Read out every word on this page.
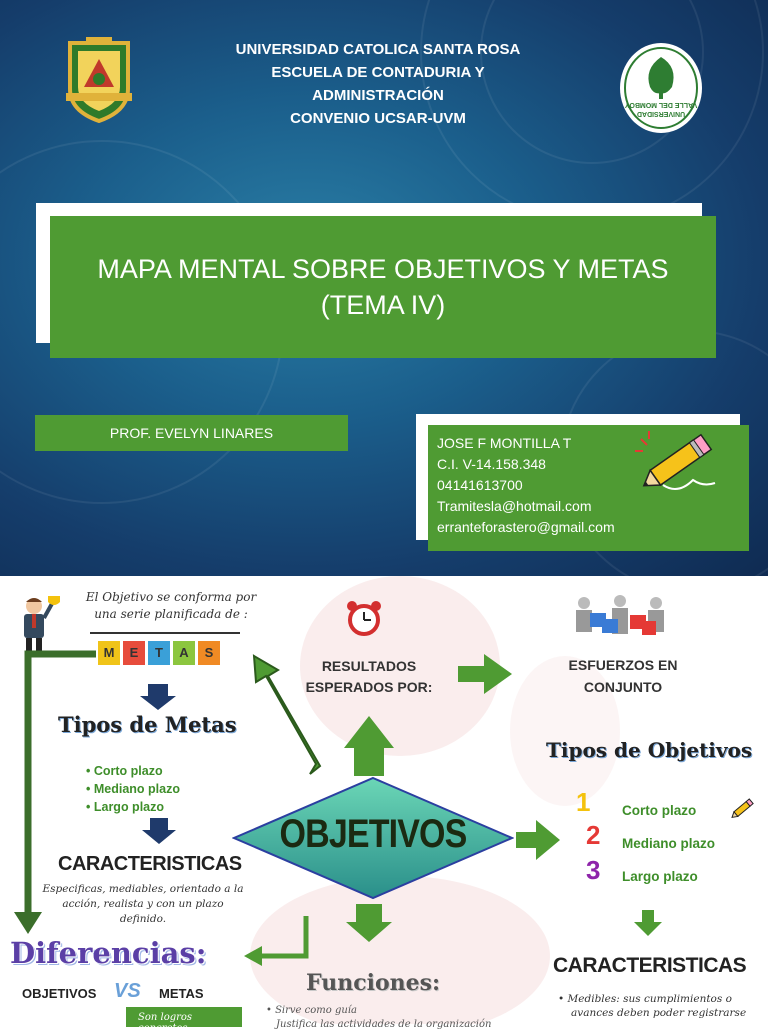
UNIVERSIDAD
VALLE DEL MOMBOY
UNIVERSIDAD CATOLICA SANTA ROSA
ESCUELA DE CONTADURIA Y
ADMINISTRACIÓN
CONVENIO UCSAR-UVM
MAPA MENTAL SOBRE OBJETIVOS Y METAS
(TEMA IV)
PROF. EVELYN LINARES
JOSE F MONTILLA T
C.I. V-14.158.348
04141613700
Tramitesla@hotmail.com
erranteforastero@gmail.com
El Objetivo se conforma por
una serie planificada de :
M	E	T	A	S
Tipos de Metas
• Corto plazo
• Mediano plazo
• Largo plazo
CARACTERISTICAS
Especificas, mediables, orientado a la
acción, realista y con un plazo
definido.
Diferencias:
OBJETIVOS VS METAS
Son logros concretos
RESULTADOS
ESPERADOS POR:
ESFUERZOS EN
CONJUNTO
OBJETIVOS
Tipos de Objetivos
1
2
3
Corto plazo
Mediano plazo
Largo plazo
Funciones:
• Sirve como guía
Justifica las actividades de la organización
CARACTERISTICAS
• Medibles: sus cumplimientos o
avances deben poder registrarse
